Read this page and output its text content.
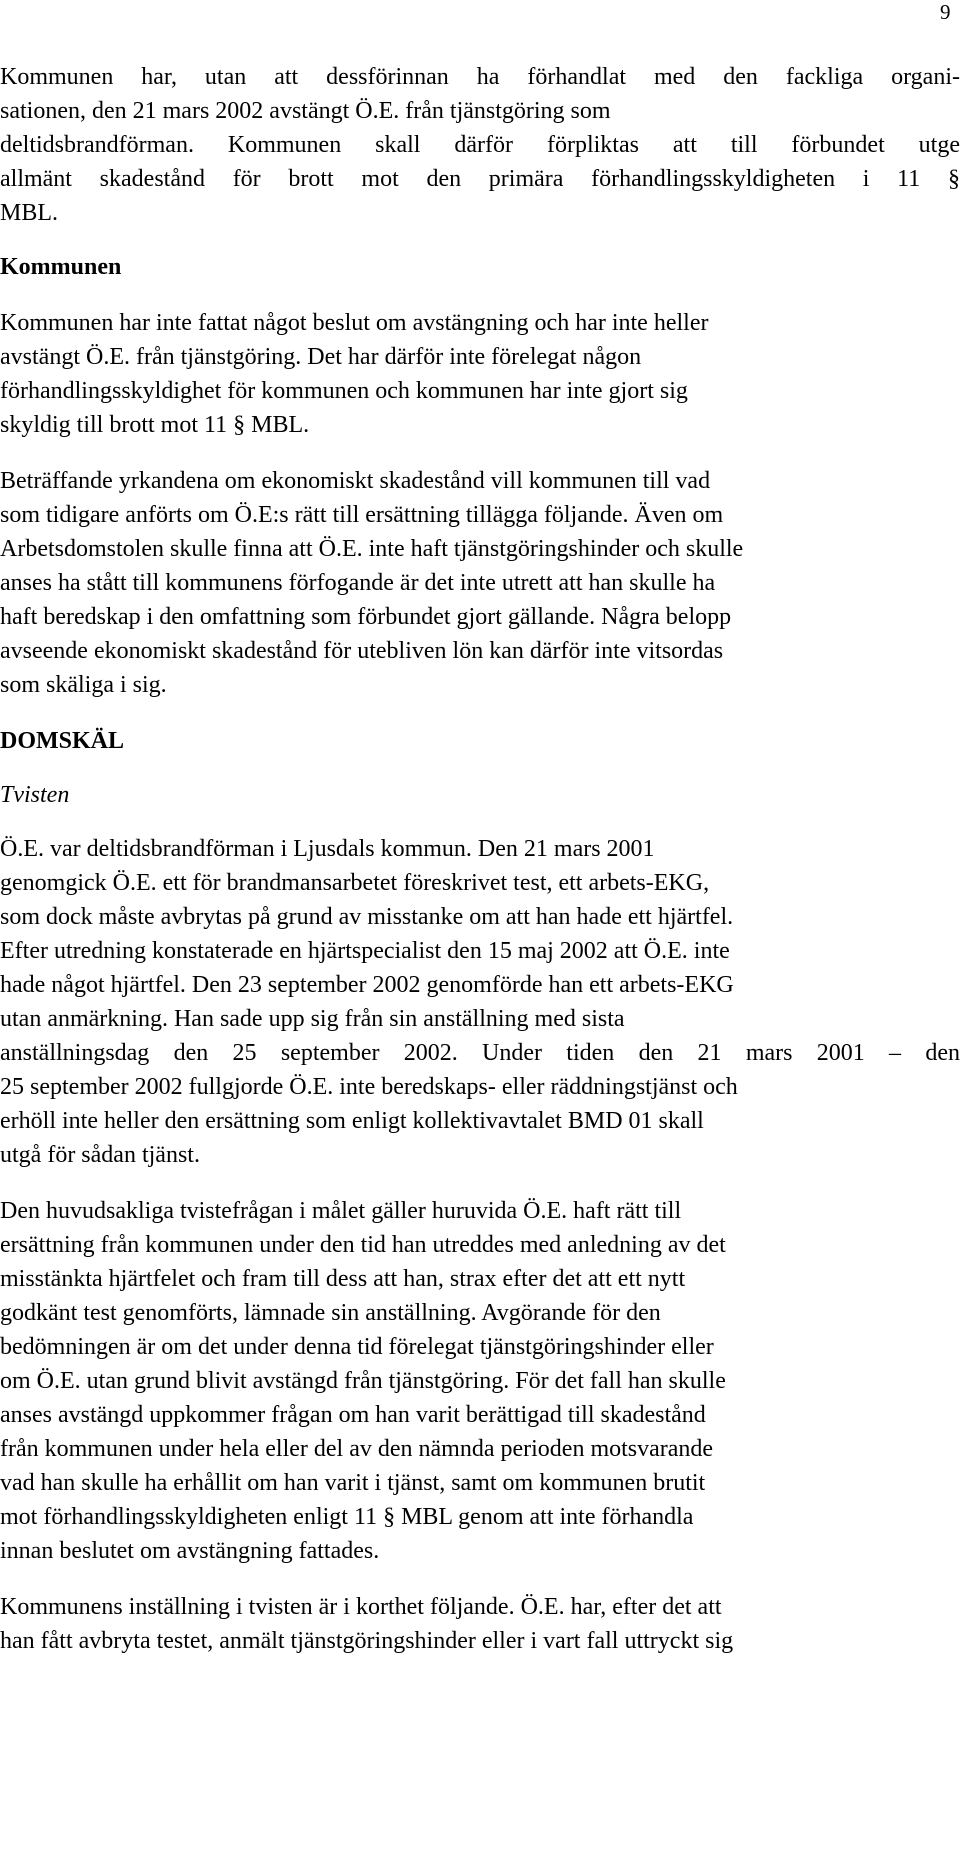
9
Kommunen har, utan att dessförinnan ha förhandlat med den fackliga organi-
sationen, den 21 mars 2002 avstängt Ö.E. från tjänstgöring som
deltidsbrandförman. Kommunen skall därför förpliktas att till förbundet utge
allmänt skadestånd för brott mot den primära förhandlingsskyldigheten i 11 §
MBL.
Kommunen
Kommunen har inte fattat något beslut om avstängning och har inte heller
avstängt Ö.E. från tjänstgöring. Det har därför inte förelegat någon
förhandlingsskyldighet för kommunen och kommunen har inte gjort sig
skyldig till brott mot 11 § MBL.
Beträffande yrkandena om ekonomiskt skadestånd vill kommunen till vad
som tidigare anförts om Ö.E:s rätt till ersättning tillägga följande. Även om
Arbetsdomstolen skulle finna att Ö.E. inte haft tjänstgöringshinder och skulle
anses ha stått till kommunens förfogande är det inte utrett att han skulle ha
haft beredskap i den omfattning som förbundet gjort gällande. Några belopp
avseende ekonomiskt skadestånd för utebliven lön kan därför inte vitsordas
som skäliga i sig.
DOMSKÄL
Tvisten
Ö.E. var deltidsbrandförman i Ljusdals kommun. Den 21 mars 2001
genomgick Ö.E. ett för brandmansarbetet föreskrivet test, ett arbets-EKG,
som dock måste avbrytas på grund av misstanke om att han hade ett hjärtfel.
Efter utredning konstaterade en hjärtspecialist den 15 maj 2002 att Ö.E. inte
hade något hjärtfel. Den 23 september 2002 genomförde han ett arbets-EKG
utan anmärkning. Han sade upp sig från sin anställning med sista
anställningsdag den 25 september 2002. Under tiden den 21 mars 2001 – den
25 september 2002 fullgjorde Ö.E. inte beredskaps- eller räddningstjänst och
erhöll inte heller den ersättning som enligt kollektivavtalet BMD 01 skall
utgå för sådan tjänst.
Den huvudsakliga tvistefrågan i målet gäller huruvida Ö.E. haft rätt till
ersättning från kommunen under den tid han utreddes med anledning av det
misstänkta hjärtfelet och fram till dess att han, strax efter det att ett nytt
godkänt test genomförts, lämnade sin anställning. Avgörande för den
bedömningen är om det under denna tid förelegat tjänstgöringshinder eller
om Ö.E. utan grund blivit avstängd från tjänstgöring. För det fall han skulle
anses avstängd uppkommer frågan om han varit berättigad till skadestånd
från kommunen under hela eller del av den nämnda perioden motsvarande
vad han skulle ha erhållit om han varit i tjänst, samt om kommunen brutit
mot förhandlingsskyldigheten enligt 11 § MBL genom att inte förhandla
innan beslutet om avstängning fattades.
Kommunens inställning i tvisten är i korthet följande. Ö.E. har, efter det att
han fått avbryta testet, anmält tjänstgöringshinder eller i vart fall uttryckt sig
